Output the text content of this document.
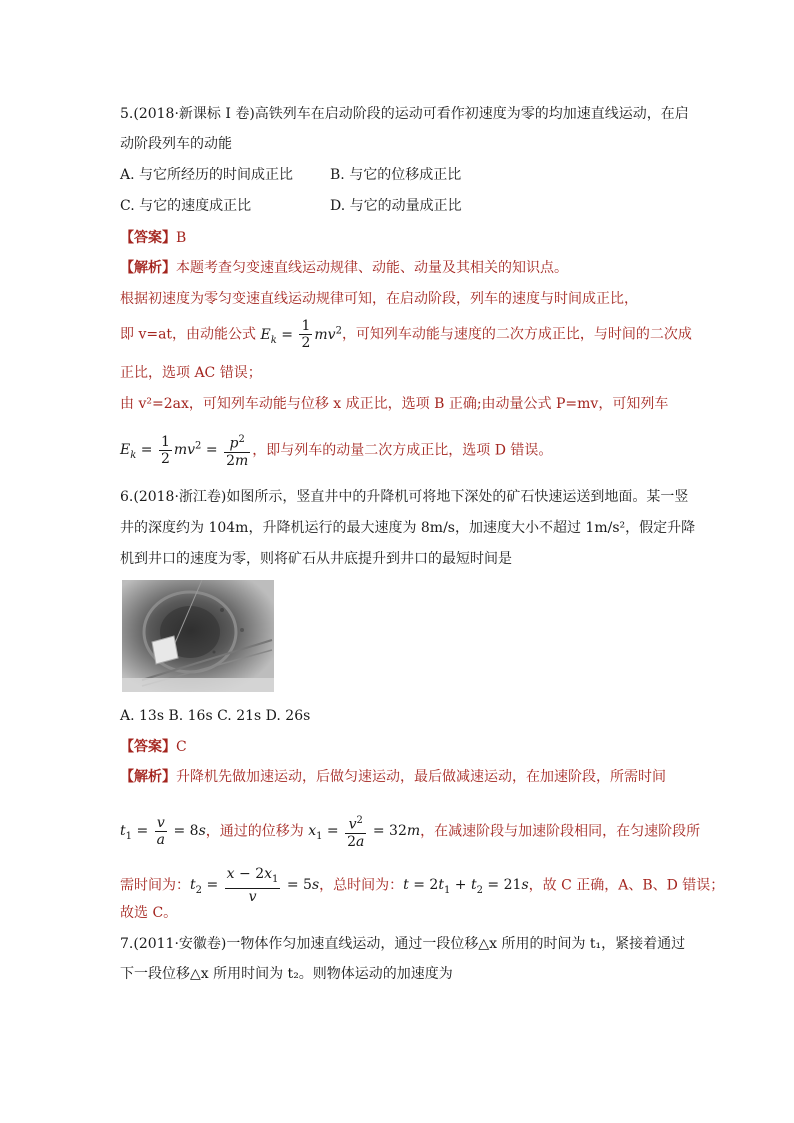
5.(2018·新课标 I 卷)高铁列车在启动阶段的运动可看作初速度为零的均加速直线运动，在启
动阶段列车的动能
A. 与它所经历的时间成正比	B. 与它的位移成正比
C. 与它的速度成正比	D. 与它的动量成正比
【答案】B
【解析】本题考查匀变速直线运动规律、动能、动量及其相关的知识点。
根据初速度为零匀变速直线运动规律可知，在启动阶段，列车的速度与时间成正比，
即 v=at，由动能公式 $E_k = \frac{1}{2} mv^2$，可知列车动能与速度的二次方成正比，与时间的二次成
正比，选项 AC 错误；
由 v²=2ax，可知列车动能与位移 x 成正比，选项 B 正确;由动量公式 P=mv，可知列车
$E_k = \frac{1}{2} mv^2 = \frac{p^2}{2m}$ ，即与列车的动量二次方成正比，选项 D 错误。
6.(2018·浙江卷)如图所示，竖直井中的升降机可将地下深处的矿石快速运送到地面。某一竖
井的深度约为 104m，升降机运行的最大速度为 8m/s，加速度大小不超过 1m/s²，假定升降
机到井口的速度为零，则将矿石从井底提升到井口的最短时间是
A. 13s B. 16s C. 21s D. 26s
【答案】C
【解析】升降机先做加速运动，后做匀速运动，最后做减速运动，在加速阶段，所需时间
$t_1 = \frac{v}{a} = 8s$，通过的位移为 $x_1 = \frac{v^2}{2a} = 32m$，在减速阶段与加速阶段相同，在匀速阶段所
需时间为：$t_2 = \frac{x - 2x_1}{v} = 5s$，总时间为：$t = 2t_1 + t_2 = 21s$，故 C 正确，A、B、D 错误；
故选 C。
7.(2011·安徽卷)一物体作匀加速直线运动，通过一段位移△x 所用的时间为 t₁，紧接着通过
下一段位移△x 所用时间为 t₂。则物体运动的加速度为
